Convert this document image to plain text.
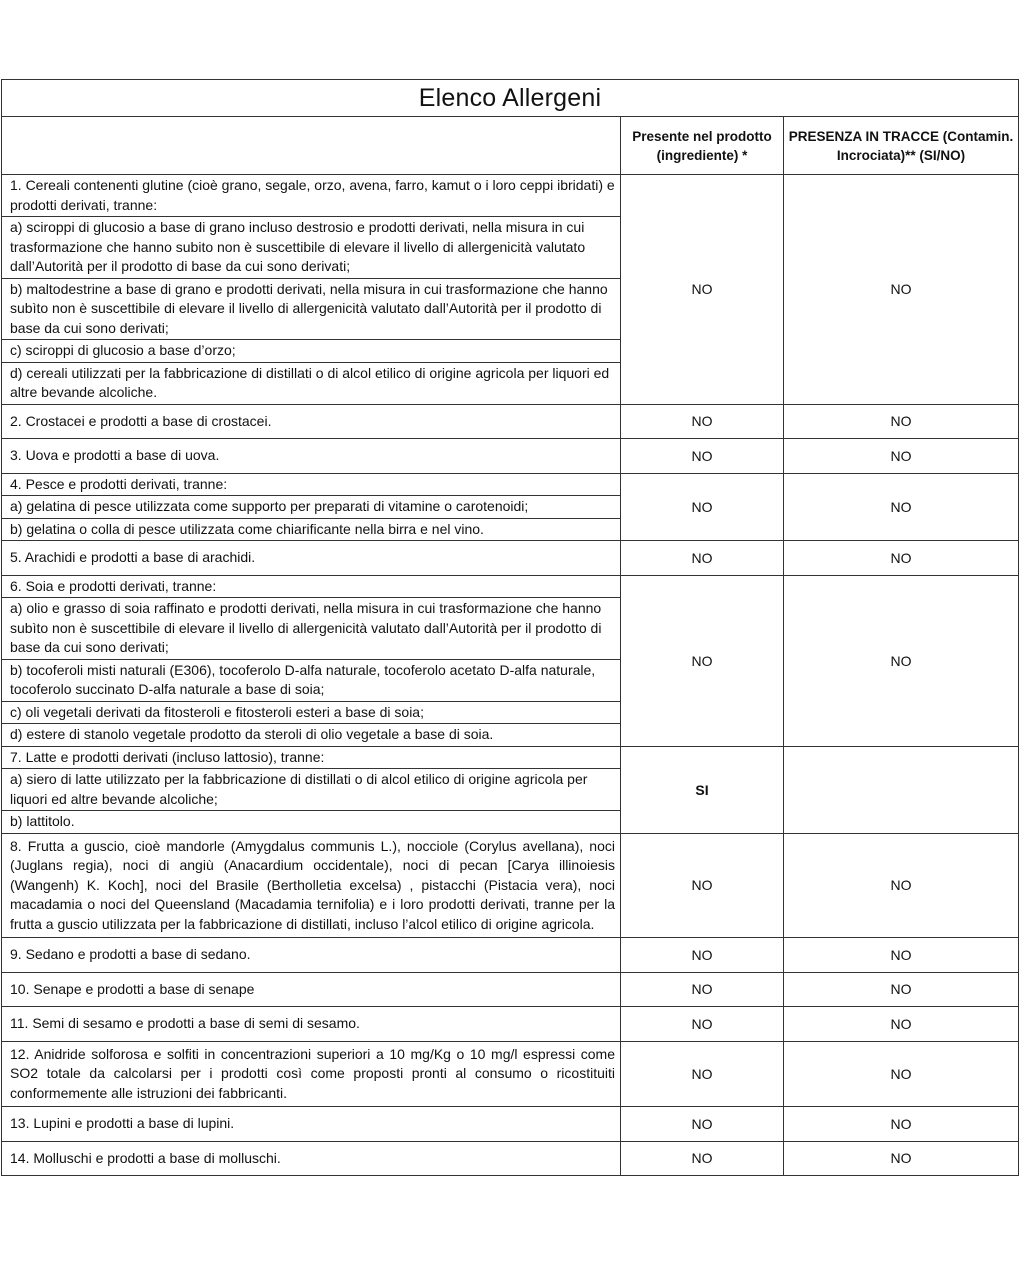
Elenco Allergeni		
	Presente nel prodotto (ingrediente) *	PRESENZA IN TRACCE (Contamin. Incrociata)** (SI/NO)

1. Cereali contenenti glutine (cioè grano, segale, orzo, avena, farro, kamut o i loro ceppi ibridati) e prodotti derivati, tranne:
a) sciroppi di glucosio a base di grano incluso destrosio e prodotti derivati, nella misura in cui trasformazione che hanno subito non è suscettibile di elevare il livello di allergenicità valutato dall’Autorità per il prodotto di base da cui sono derivati;
b) maltodestrine a base di grano e prodotti derivati, nella misura in cui trasformazione che hanno subìto non è suscettibile di elevare il livello di allergenicità valutato dall’Autorità per il prodotto di base da cui sono derivati;
c) sciroppi di glucosio a base d’orzo;
d) cereali utilizzati per la fabbricazione di distillati o di alcol etilico di origine agricola per liquori ed altre bevande alcoliche.	NO	NO

2. Crostacei e prodotti a base di crostacei.	NO	NO

3. Uova e prodotti a base di uova.	NO	NO

4. Pesce e prodotti derivati, tranne:
a) gelatina di pesce utilizzata come supporto per preparati di vitamine o carotenoidi;
b) gelatina o colla di pesce utilizzata come chiarificante nella birra e nel vino.	NO	NO

5. Arachidi e prodotti a base di arachidi.	NO	NO

6. Soia e prodotti derivati, tranne:
a) olio e grasso di soia raffinato e prodotti derivati, nella misura in cui trasformazione che hanno subìto non è suscettibile di elevare il livello di allergenicità valutato dall’Autorità per il prodotto di base da cui sono derivati;
b) tocoferoli misti naturali (E306), tocoferolo D-alfa naturale, tocoferolo acetato D-alfa naturale, tocoferolo succinato D-alfa naturale a base di soia;
c) oli vegetali derivati da fitosteroli e fitosteroli esteri a base di soia;
d) estere di stanolo vegetale prodotto da steroli di olio vegetale a base di soia.	NO	NO

7. Latte e prodotti derivati (incluso lattosio), tranne:
a) siero di latte utilizzato per la fabbricazione di distillati o di alcol etilico di origine agricola per liquori ed altre bevande alcoliche;
b) lattitolo.	SI	

8. Frutta a guscio, cioè mandorle (Amygdalus communis L.), nocciole (Corylus avellana), noci (Juglans regia), noci di angiù (Anacardium occidentale), noci di pecan [Carya illinoiesis (Wangenh) K. Koch], noci del Brasile (Bertholletia excelsa) , pistacchi (Pistacia vera), noci macadamia o noci del Queensland (Macadamia ternifolia) e i loro prodotti derivati, tranne per la frutta a guscio utilizzata per la fabbricazione di distillati, incluso l’alcol etilico di origine agricola.	NO	NO

9. Sedano e prodotti a base di sedano.	NO	NO

10. Senape e prodotti a base di senape	NO	NO

11. Semi di sesamo e prodotti a base di semi di sesamo.	NO	NO

12. Anidride solforosa e solfiti in concentrazioni superiori a 10 mg/Kg o 10 mg/l espressi come SO2 totale da calcolarsi per i prodotti così come proposti pronti al consumo o ricostituiti conformemente alle istruzioni dei fabbricanti.	NO	NO

13. Lupini e prodotti a base di lupini.	NO	NO

14. Molluschi e prodotti a base di molluschi.	NO	NO
